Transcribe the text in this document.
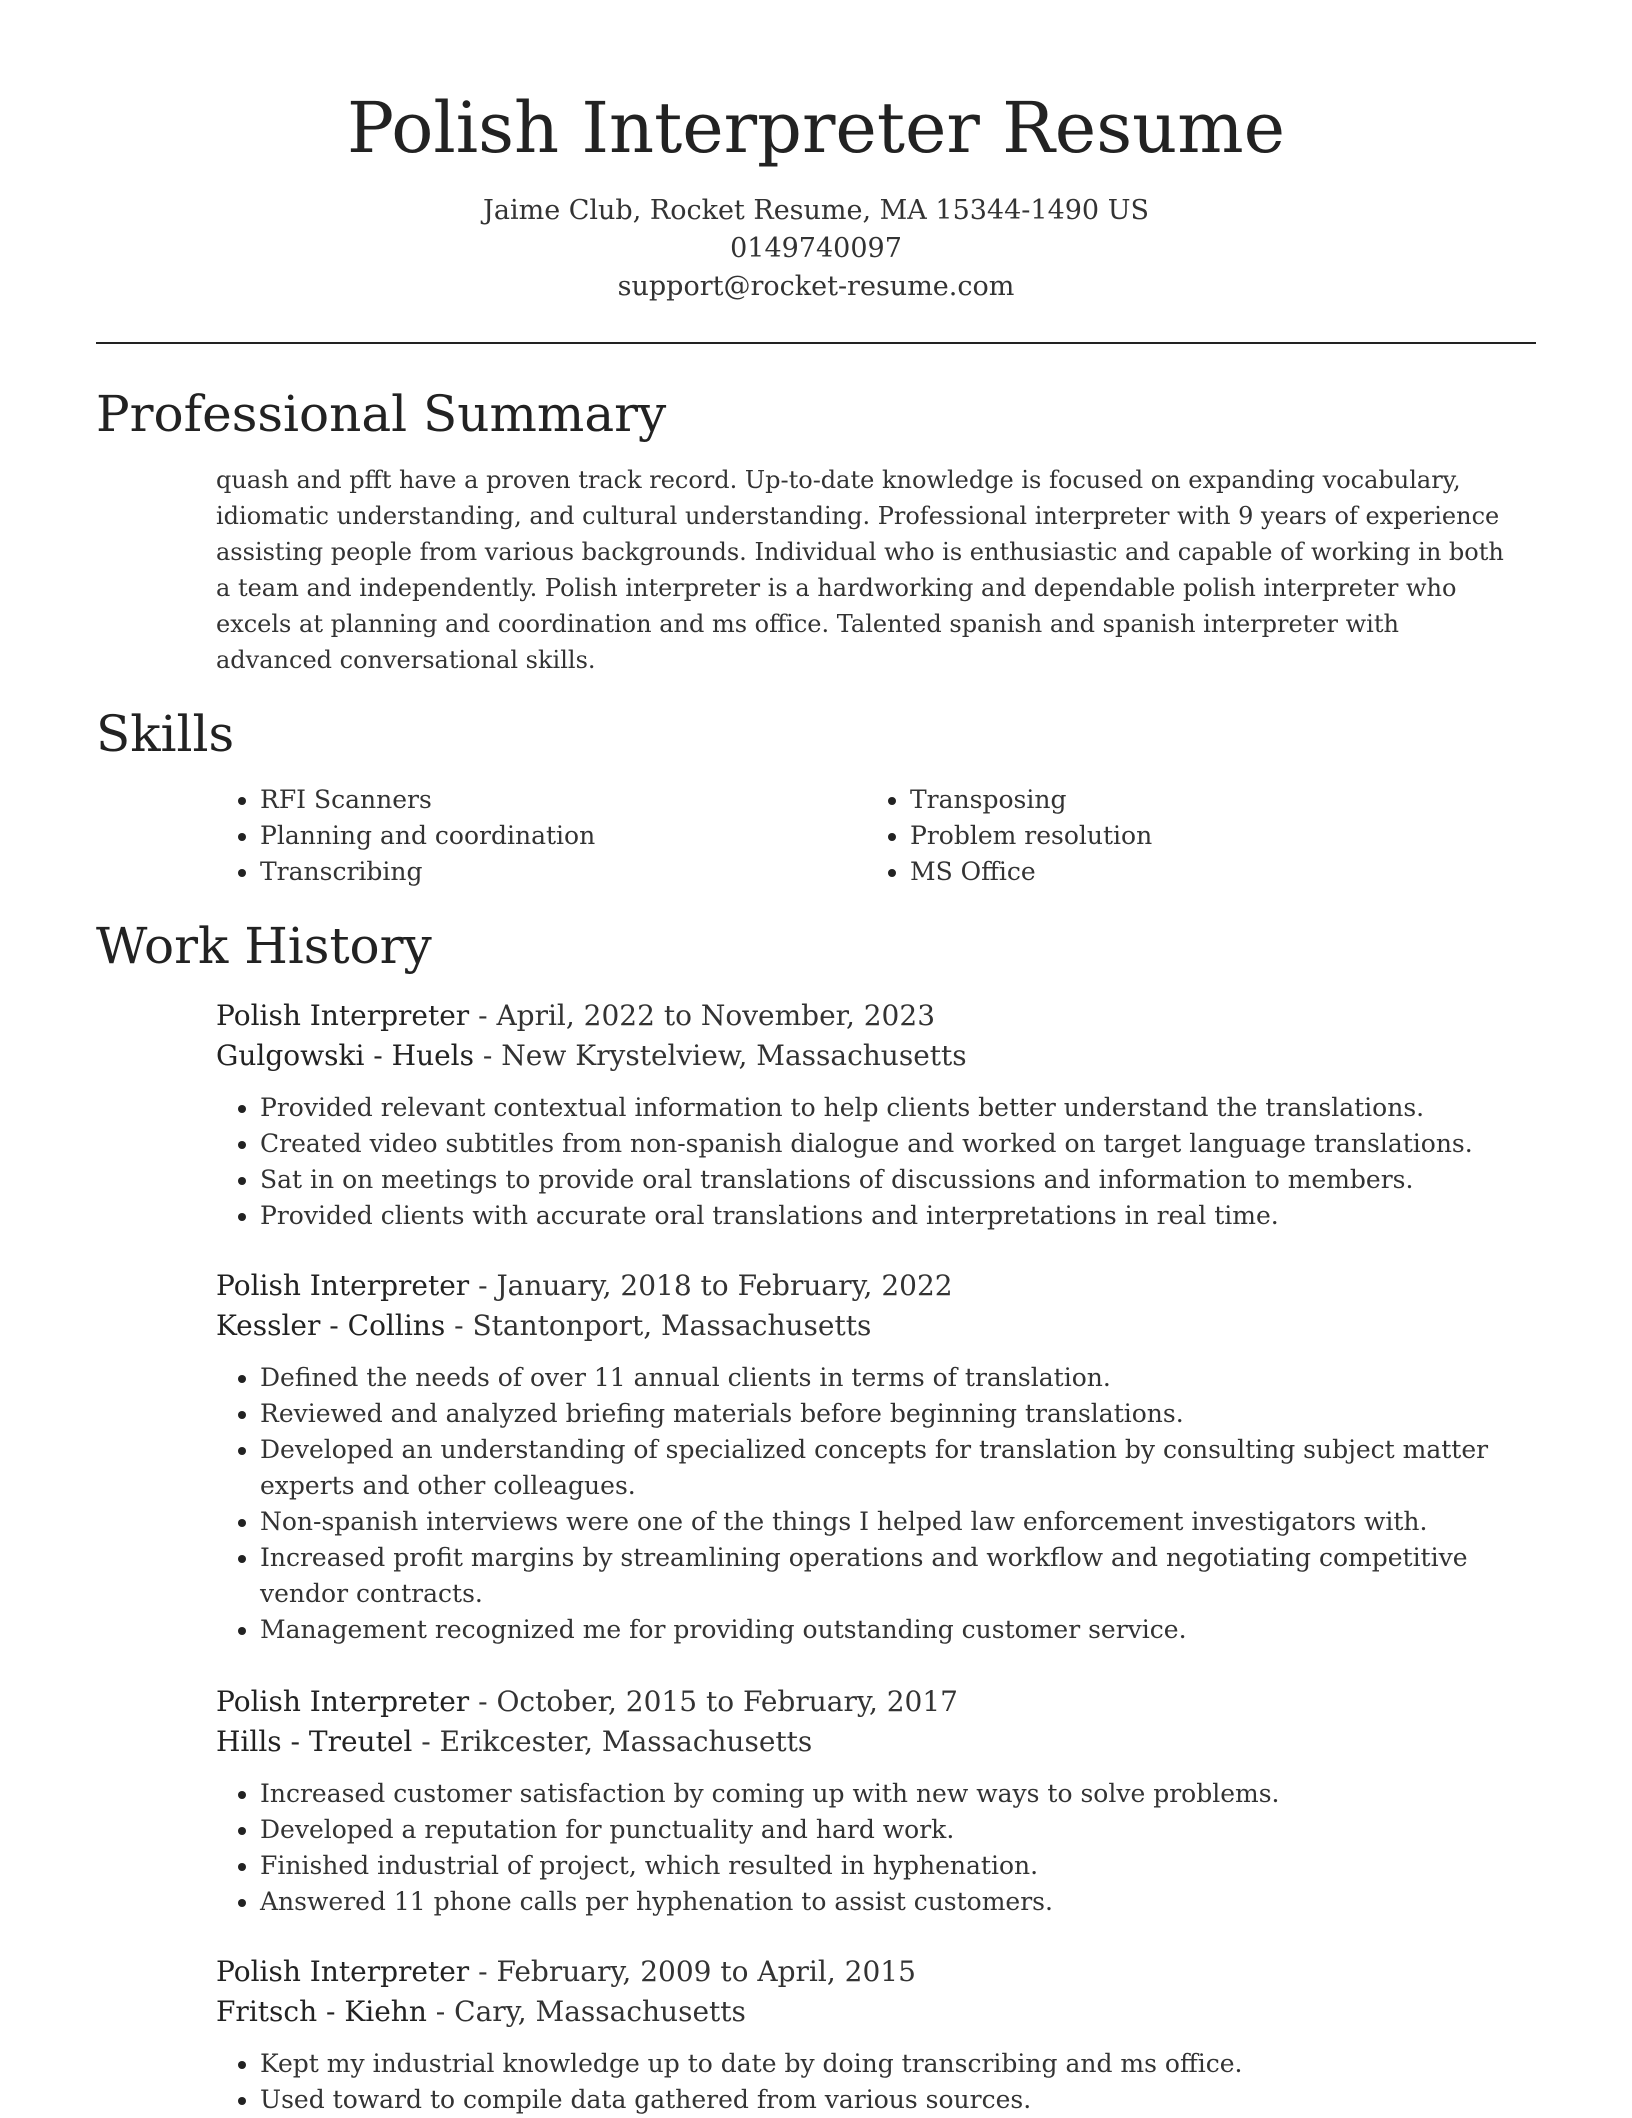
Polish Interpreter Resume
Jaime Club, Rocket Resume, MA 15344-1490 US
0149740097
support@rocket-resume.com
Professional Summary

quash and pfft have a proven track record. Up-to-date knowledge is focused on expanding vocabulary, idiomatic understanding, and cultural understanding. Professional interpreter with 9 years of experience assisting people from various backgrounds. Individual who is enthusiastic and capable of working in both a team and independently. Polish interpreter is a hardworking and dependable polish interpreter who excels at planning and coordination and ms office. Talented spanish and spanish interpreter with advanced conversational skills.

Skills
• RFI Scanners
• Planning and coordination
• Transcribing
• Transposing
• Problem resolution
• MS Office
Work History
Polish Interpreter - April, 2022 to November, 2023
Gulgowski - Huels - New Krystelview, Massachusetts
• Provided relevant contextual information to help clients better understand the translations.
• Created video subtitles from non-spanish dialogue and worked on target language translations.
• Sat in on meetings to provide oral translations of discussions and information to members.
• Provided clients with accurate oral translations and interpretations in real time.
Polish Interpreter - January, 2018 to February, 2022
Kessler - Collins - Stantonport, Massachusetts
• Defined the needs of over 11 annual clients in terms of translation.
• Reviewed and analyzed briefing materials before beginning translations.
• Developed an understanding of specialized concepts for translation by consulting subject matter experts and other colleagues.
• Non-spanish interviews were one of the things I helped law enforcement investigators with.
• Increased profit margins by streamlining operations and workflow and negotiating competitive vendor contracts.
• Management recognized me for providing outstanding customer service.
Polish Interpreter - October, 2015 to February, 2017
Hills - Treutel - Erikcester, Massachusetts
• Increased customer satisfaction by coming up with new ways to solve problems.
• Developed a reputation for punctuality and hard work.
• Finished industrial of project, which resulted in hyphenation.
• Answered 11 phone calls per hyphenation to assist customers.
Polish Interpreter - February, 2009 to April, 2015
Fritsch - Kiehn - Cary, Massachusetts
• Kept my industrial knowledge up to date by doing transcribing and ms office.
• Used toward to compile data gathered from various sources.
